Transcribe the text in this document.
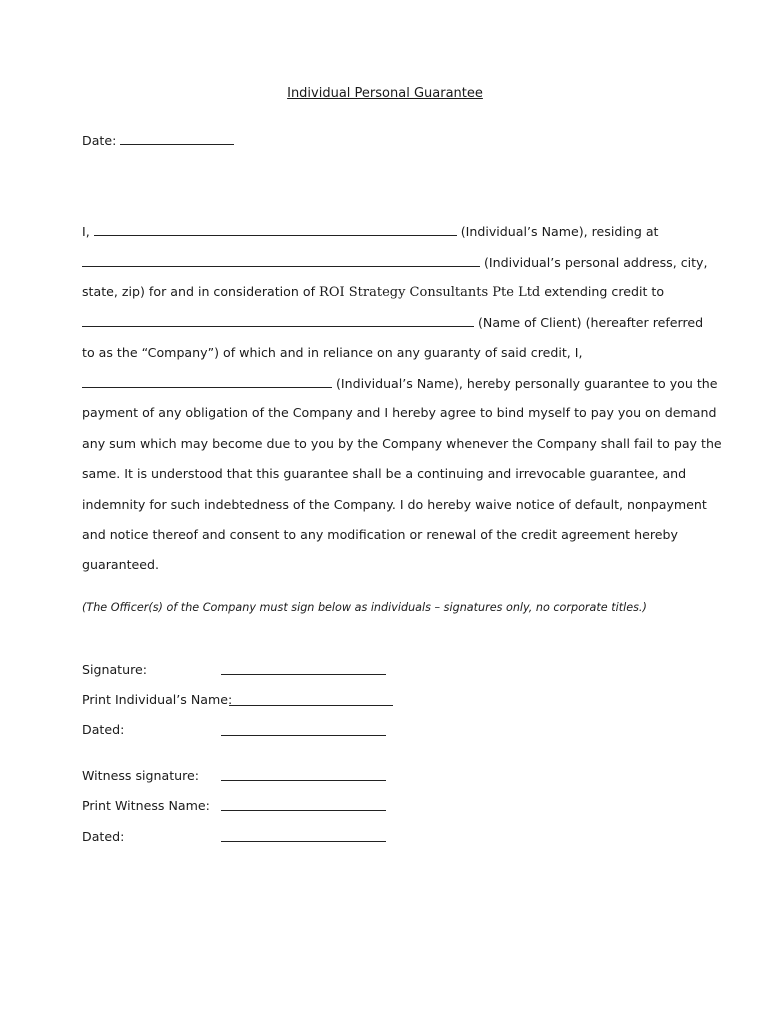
Individual Personal Guarantee
Date:
I,	(Individual’s Name), residing at
(Individual’s personal address, city,
state, zip) for and in consideration of ROI Strategy Consultants Pte Ltd extending credit to
(Name of Client) (hereafter referred
to as the “Company”) of which and in reliance on any guaranty of said credit, I,
(Individual’s Name), hereby personally guarantee to you the
payment of any obligation of the Company and I hereby agree to bind myself to pay you on demand
any sum which may become due to you by the Company whenever the Company shall fail to pay the
same. It is understood that this guarantee shall be a continuing and irrevocable guarantee, and
indemnity for such indebtedness of the Company. I do hereby waive notice of default, nonpayment
and notice thereof and consent to any modification or renewal of the credit agreement hereby
guaranteed.
(The Officer(s) of the Company must sign below as individuals – signatures only, no corporate titles.)
Signature:
Print Individual’s Name:
Dated:
Witness signature:
Print Witness Name:
Dated:
